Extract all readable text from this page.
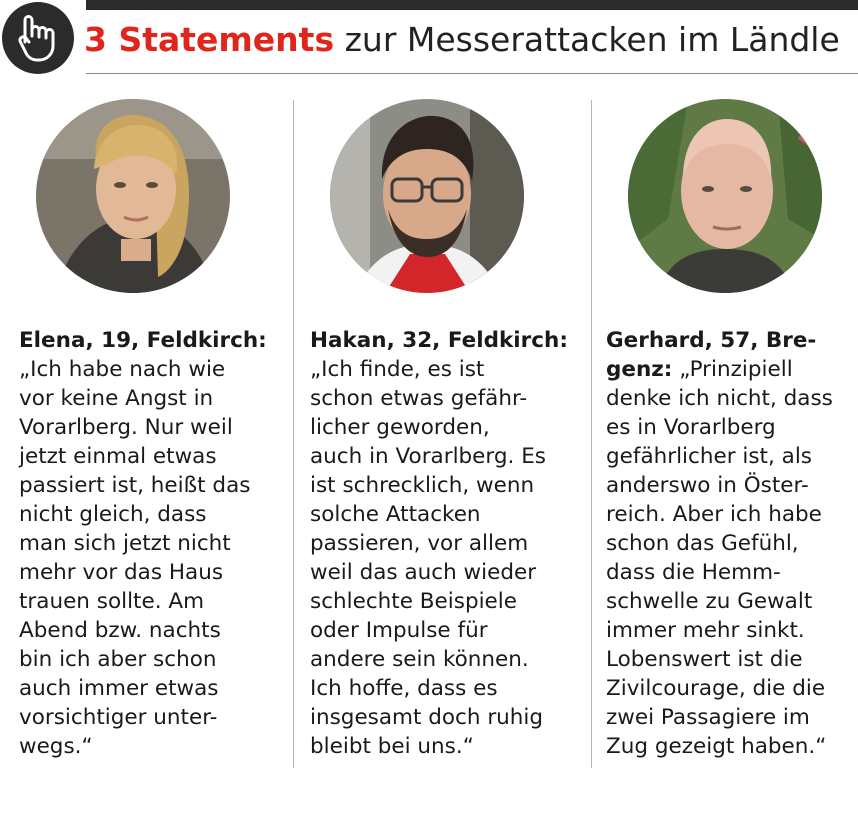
3 Statements zur Messerattacken im Ländle
Elena, 19, Feldkirch:
„Ich habe nach wie
vor keine Angst in
Vorarlberg. Nur weil
jetzt einmal etwas
passiert ist, heißt das
nicht gleich, dass
man sich jetzt nicht
mehr vor das Haus
trauen sollte. Am
Abend bzw. nachts
bin ich aber schon
auch immer etwas
vorsichtiger unter-
wegs.“
Hakan, 32, Feldkirch:
„Ich finde, es ist
schon etwas gefähr-
licher geworden,
auch in Vorarlberg. Es
ist schrecklich, wenn
solche Attacken
passieren, vor allem
weil das auch wieder
schlechte Beispiele
oder Impulse für
andere sein können.
Ich hoffe, dass es
insgesamt doch ruhig
bleibt bei uns.“
Gerhard, 57, Bre-
genz: „Prinzipiell
denke ich nicht, dass
es in Vorarlberg
gefährlicher ist, als
anderswo in Öster-
reich. Aber ich habe
schon das Gefühl,
dass die Hemm-
schwelle zu Gewalt
immer mehr sinkt.
Lobenswert ist die
Zivilcourage, die die
zwei Passagiere im
Zug gezeigt haben.“
